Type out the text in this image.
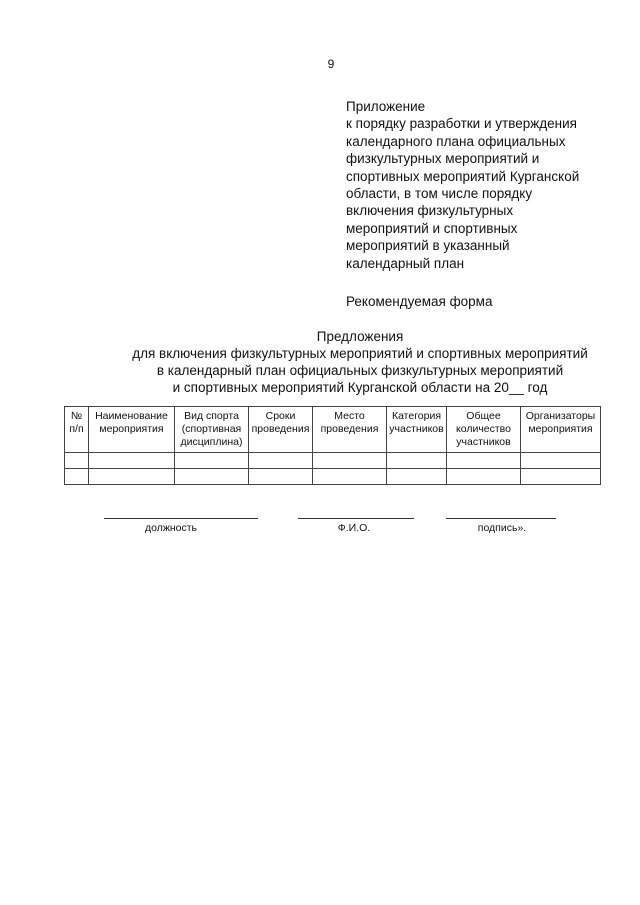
9
Приложение
к порядку разработки и утверждения
календарного плана официальных
физкультурных мероприятий и
спортивных мероприятий Курганской
области, в том числе порядку
включения физкультурных
мероприятий и спортивных
мероприятий в указанный
календарный план
Рекомендуемая форма
Предложения
для включения физкультурных мероприятий и спортивных мероприятий
в календарный план официальных физкультурных мероприятий
и спортивных мероприятий Курганской области на 20__ год
№ п/п	Наименование мероприятия	Вид спорта (спортивная дисциплина)	Сроки проведения	Место проведения	Категория участников	Общее количество участников	Организаторы мероприятия

должность	Ф.И.О.	подпись».
